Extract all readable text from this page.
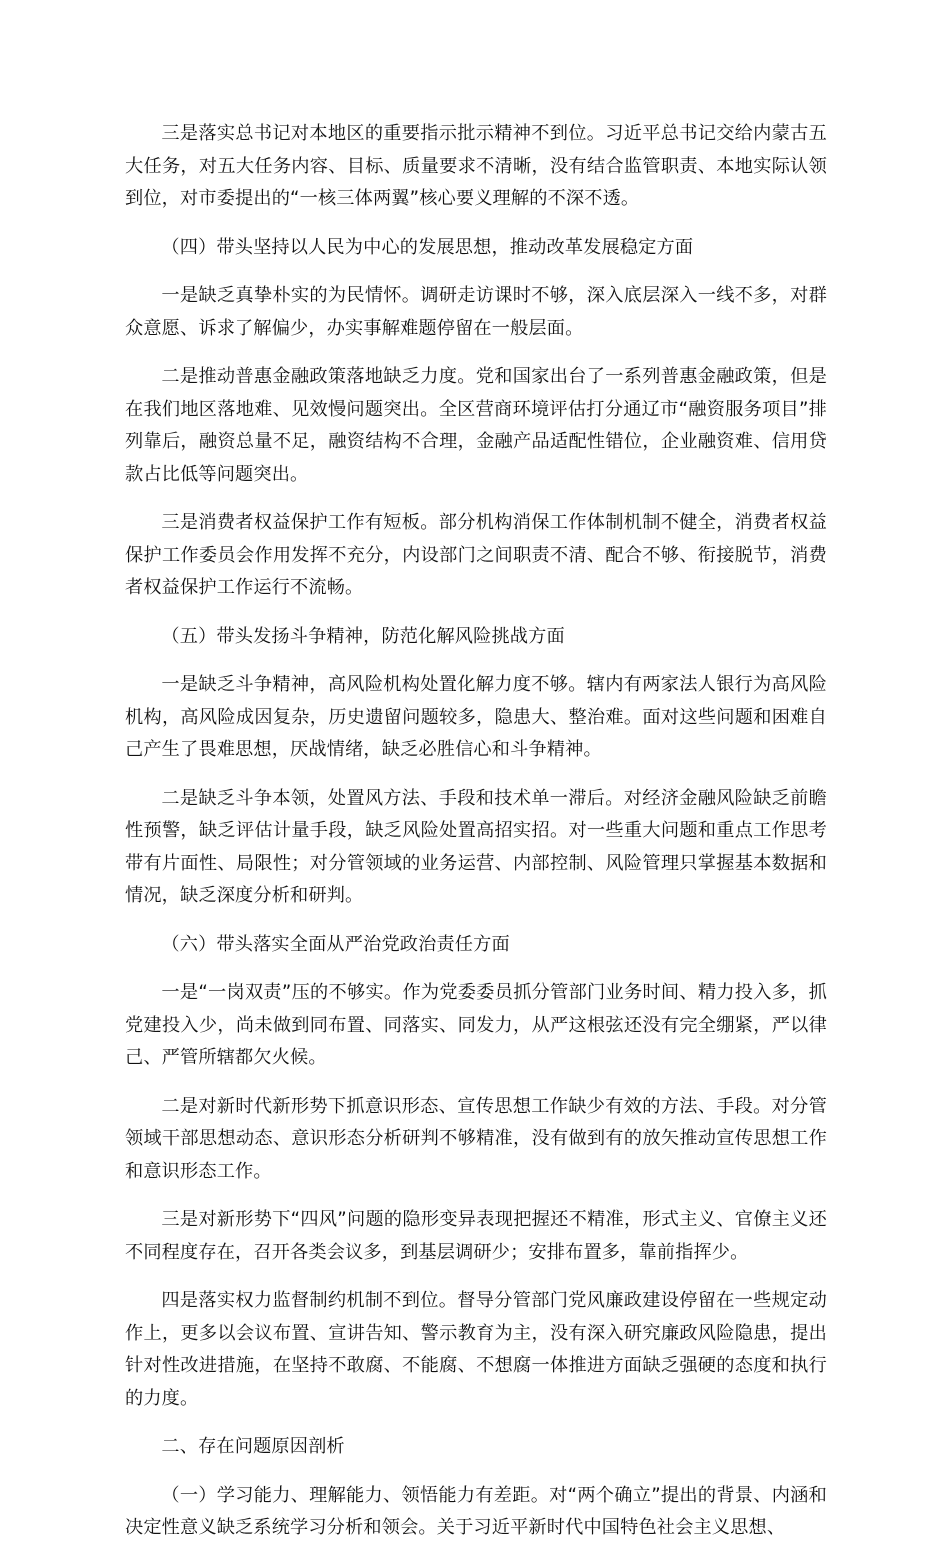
三是落实总书记对本地区的重要指示批示精神不到位。习近平总书记交给内蒙古五大任务，对五大任务内容、目标、质量要求不清晰，没有结合监管职责、本地实际认领到位，对市委提出的“一核三体两翼”核心要义理解的不深不透。

（四）带头坚持以人民为中心的发展思想，推动改革发展稳定方面

一是缺乏真挚朴实的为民情怀。调研走访课时不够，深入底层深入一线不多，对群众意愿、诉求了解偏少，办实事解难题停留在一般层面。

二是推动普惠金融政策落地缺乏力度。党和国家出台了一系列普惠金融政策，但是在我们地区落地难、见效慢问题突出。全区营商环境评估打分通辽市“融资服务项目”排列靠后，融资总量不足，融资结构不合理，金融产品适配性错位，企业融资难、信用贷款占比低等问题突出。

三是消费者权益保护工作有短板。部分机构消保工作体制机制不健全，消费者权益保护工作委员会作用发挥不充分，内设部门之间职责不清、配合不够、衔接脱节，消费者权益保护工作运行不流畅。

（五）带头发扬斗争精神，防范化解风险挑战方面

一是缺乏斗争精神，高风险机构处置化解力度不够。辖内有两家法人银行为高风险机构，高风险成因复杂，历史遗留问题较多，隐患大、整治难。面对这些问题和困难自己产生了畏难思想，厌战情绪，缺乏必胜信心和斗争精神。

二是缺乏斗争本领，处置风方法、手段和技术单一滞后。对经济金融风险缺乏前瞻性预警，缺乏评估计量手段，缺乏风险处置高招实招。对一些重大问题和重点工作思考带有片面性、局限性；对分管领域的业务运营、内部控制、风险管理只掌握基本数据和情况，缺乏深度分析和研判。

（六）带头落实全面从严治党政治责任方面

一是“一岗双责”压的不够实。作为党委委员抓分管部门业务时间、精力投入多，抓党建投入少，尚未做到同布置、同落实、同发力，从严这根弦还没有完全绷紧，严以律己、严管所辖都欠火候。

二是对新时代新形势下抓意识形态、宣传思想工作缺少有效的方法、手段。对分管领域干部思想动态、意识形态分析研判不够精准，没有做到有的放矢推动宣传思想工作和意识形态工作。

三是对新形势下“四风”问题的隐形变异表现把握还不精准，形式主义、官僚主义还不同程度存在，召开各类会议多，到基层调研少；安排布置多，靠前指挥少。

四是落实权力监督制约机制不到位。督导分管部门党风廉政建设停留在一些规定动作上，更多以会议布置、宣讲告知、警示教育为主，没有深入研究廉政风险隐患，提出针对性改进措施，在坚持不敢腐、不能腐、不想腐一体推进方面缺乏强硬的态度和执行的力度。

二、存在问题原因剖析

（一）学习能力、理解能力、领悟能力有差距。对“两个确立”提出的背景、内涵和决定性意义缺乏系统学习分析和领会。关于习近平新时代中国特色社会主义思想、
